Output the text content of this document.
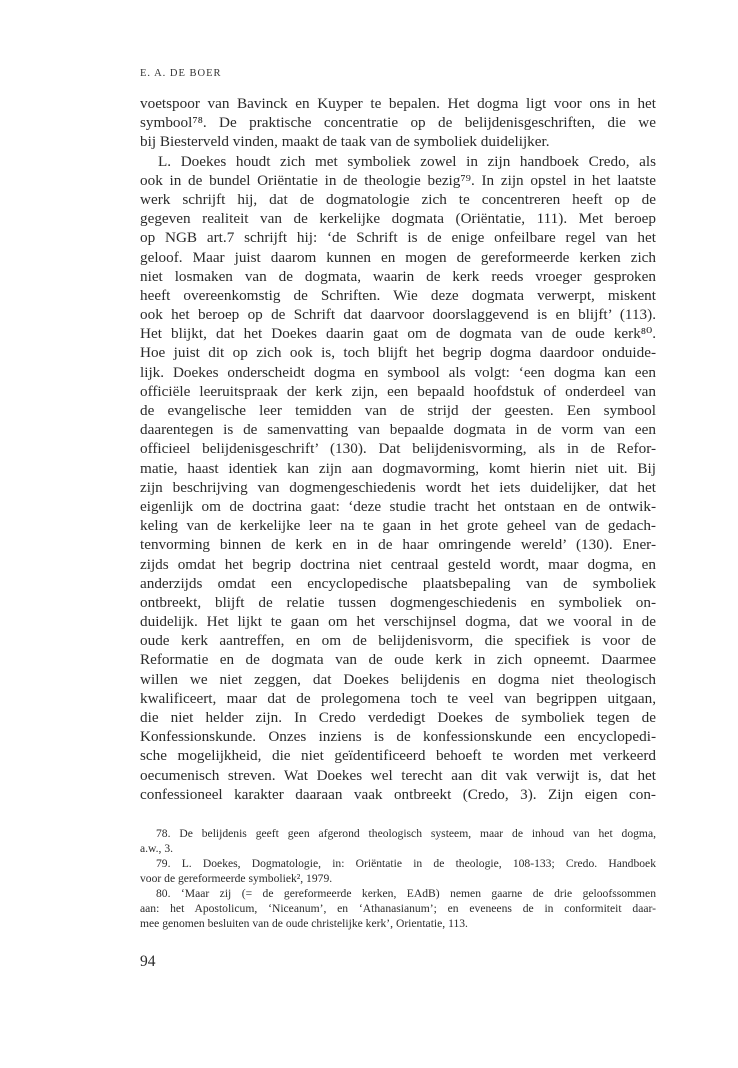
E. A. DE BOER
voetspoor van Bavinck en Kuyper te bepalen. Het dogma ligt voor ons in het
symbool⁷⁸. De praktische concentratie op de belijdenisgeschriften, die we
bij Biesterveld vinden, maakt de taak van de symboliek duidelijker.
L. Doekes houdt zich met symboliek zowel in zijn handboek Credo, als
ook in de bundel Oriëntatie in de theologie bezig⁷⁹. In zijn opstel in het laatste
werk schrijft hij, dat de dogmatologie zich te concentreren heeft op de
gegeven realiteit van de kerkelijke dogmata (Oriëntatie, 111). Met beroep
op NGB art.7 schrijft hij: ‘de Schrift is de enige onfeilbare regel van het
geloof. Maar juist daarom kunnen en mogen de gereformeerde kerken zich
niet losmaken van de dogmata, waarin de kerk reeds vroeger gesproken
heeft overeenkomstig de Schriften. Wie deze dogmata verwerpt, miskent
ook het beroep op de Schrift dat daarvoor doorslaggevend is en blijft’ (113).
Het blijkt, dat het Doekes daarin gaat om de dogmata van de oude kerk⁸⁰.
Hoe juist dit op zich ook is, toch blijft het begrip dogma daardoor onduide-
lijk. Doekes onderscheidt dogma en symbool als volgt: ‘een dogma kan een
officiële leeruitspraak der kerk zijn, een bepaald hoofdstuk of onderdeel van
de evangelische leer temidden van de strijd der geesten. Een symbool
daarentegen is de samenvatting van bepaalde dogmata in de vorm van een
officieel belijdenisgeschrift’ (130). Dat belijdenisvorming, als in de Refor-
matie, haast identiek kan zijn aan dogmavorming, komt hierin niet uit. Bij
zijn beschrijving van dogmengeschiedenis wordt het iets duidelijker, dat het
eigenlijk om de doctrina gaat: ‘deze studie tracht het ontstaan en de ontwik-
keling van de kerkelijke leer na te gaan in het grote geheel van de gedach-
tenvorming binnen de kerk en in de haar omringende wereld’ (130). Ener-
zijds omdat het begrip doctrina niet centraal gesteld wordt, maar dogma, en
anderzijds omdat een encyclopedische plaatsbepaling van de symboliek
ontbreekt, blijft de relatie tussen dogmengeschiedenis en symboliek on-
duidelijk. Het lijkt te gaan om het verschijnsel dogma, dat we vooral in de
oude kerk aantreffen, en om de belijdenisvorm, die specifiek is voor de
Reformatie en de dogmata van de oude kerk in zich opneemt. Daarmee
willen we niet zeggen, dat Doekes belijdenis en dogma niet theologisch
kwalificeert, maar dat de prolegomena toch te veel van begrippen uitgaan,
die niet helder zijn. In Credo verdedigt Doekes de symboliek tegen de
Konfessionskunde. Onzes inziens is de konfessionskunde een encyclopedi-
sche mogelijkheid, die niet geïdentificeerd behoeft te worden met verkeerd
oecumenisch streven. Wat Doekes wel terecht aan dit vak verwijt is, dat het
confessioneel karakter daaraan vaak ontbreekt (Credo, 3). Zijn eigen con-
78. De belijdenis geeft geen afgerond theologisch systeem, maar de inhoud van het dogma,
a.w., 3.
79. L. Doekes, Dogmatologie, in: Oriëntatie in de theologie, 108-133; Credo. Handboek
voor de gereformeerde symboliek², 1979.
80. ‘Maar zij (= de gereformeerde kerken, EAdB) nemen gaarne de drie geloofssommen
aan: het Apostolicum, ‘Niceanum’, en ‘Athanasianum’; en eveneens de in conformiteit daar-
mee genomen besluiten van de oude christelijke kerk’, Orientatie, 113.
94
